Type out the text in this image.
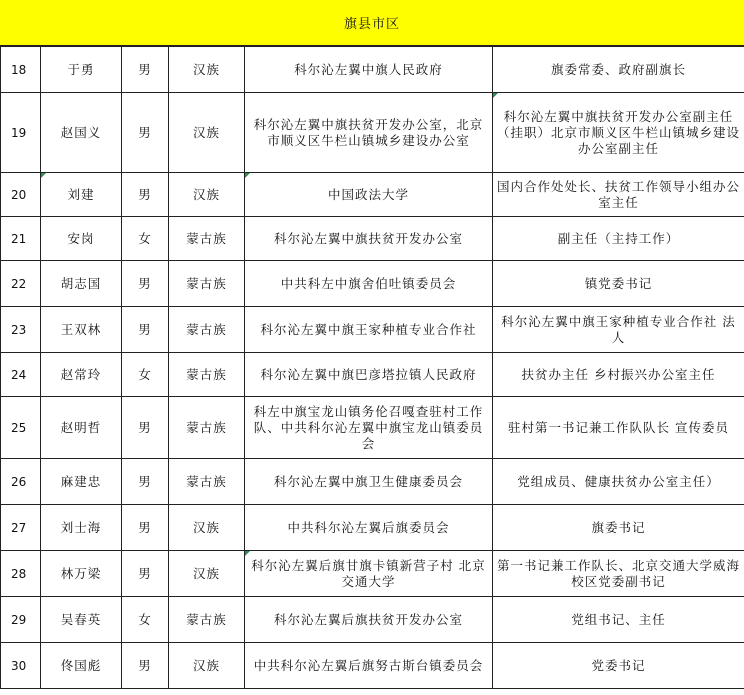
旗县市区
18	于勇	男	汉族	科尔沁左翼中旗人民政府	旗委常委、政府副旗长
19	赵国义	男	汉族	科尔沁左翼中旗扶贫开发办公室，北京市顺义区牛栏山镇城乡建设办公室	科尔沁左翼中旗扶贫开发办公室副主任（挂职）北京市顺义区牛栏山镇城乡建设办公室副主任
20	刘建	男	汉族	中国政法大学	国内合作处处长、扶贫工作领导小组办公室主任
21	安岗	女	蒙古族	科尔沁左翼中旗扶贫开发办公室	副主任（主持工作）
22	胡志国	男	蒙古族	中共科左中旗舍伯吐镇委员会	镇党委书记
23	王双林	男	蒙古族	科尔沁左翼中旗王家种植专业合作社	科尔沁左翼中旗王家种植专业合作社 法人
24	赵常玲	女	蒙古族	科尔沁左翼中旗巴彦塔拉镇人民政府	扶贫办主任 乡村振兴办公室主任
25	赵明哲	男	蒙古族	科左中旗宝龙山镇务伦召嘎查驻村工作队、中共科尔沁左翼中旗宝龙山镇委员会	驻村第一书记兼工作队队长 宣传委员
26	麻建忠	男	蒙古族	科尔沁左翼中旗卫生健康委员会	党组成员、健康扶贫办公室主任）
27	刘士海	男	汉族	中共科尔沁左翼后旗委员会	旗委书记
28	林万梁	男	汉族	科尔沁左翼后旗甘旗卡镇新营子村 北京交通大学	第一书记兼工作队长、北京交通大学威海校区党委副书记
29	吴春英	女	蒙古族	科尔沁左翼后旗扶贫开发办公室	党组书记、主任
30	佟国彪	男	汉族	中共科尔沁左翼后旗努古斯台镇委员会	党委书记
